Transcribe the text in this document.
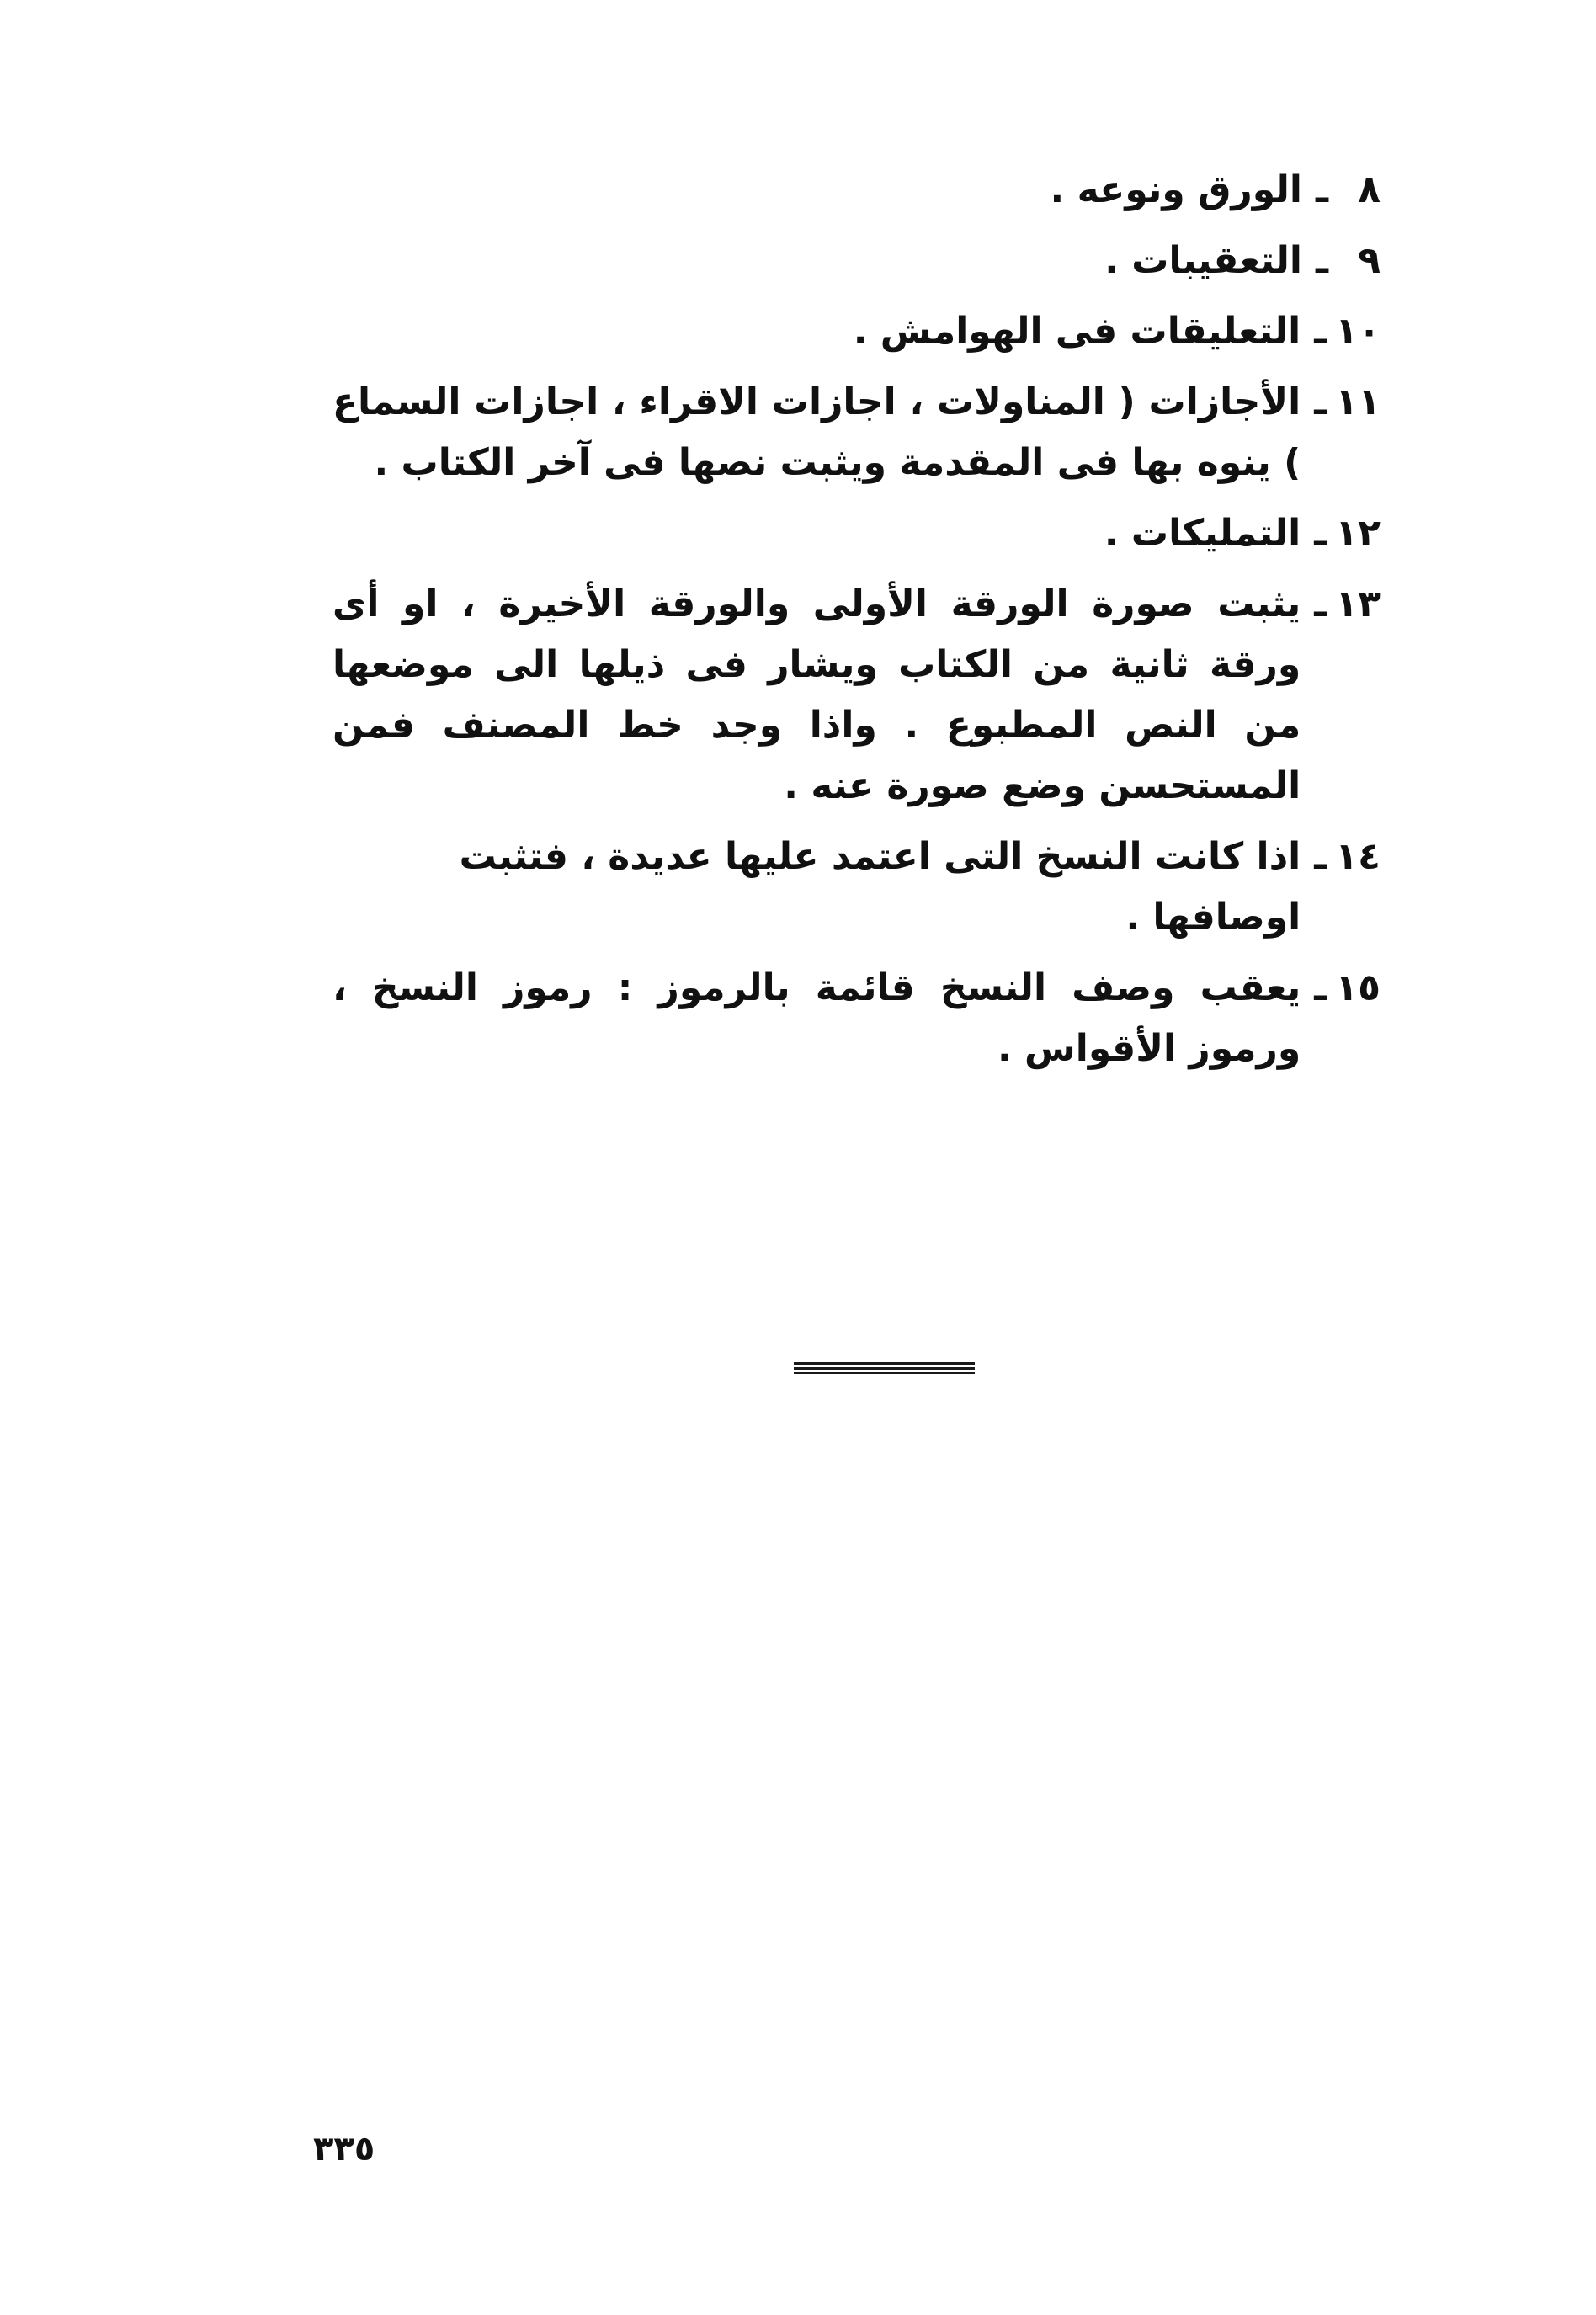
٨
ـ
الورق ونوعه .
٩
ـ
التعقيبات .
١٠
ـ
التعليقات فى الهوامش .
١١
ـ
الأجازات ( المناولات ، اجازات الاقراء ، اجازات السماع ) ينوه بها فى المقدمة ويثبت نصها فى آخر الكتاب .
١٢
ـ
التمليكات .
١٣
ـ
يثبت صورة الورقة الأولى والورقة الأخيرة ، او أى ورقة ثانية من الكتاب ويشار فى ذيلها الى موضعها من النص المطبوع . واذا وجد خط المصنف فمن المستحسن وضع صورة عنه .
١٤
ـ
اذا كانت النسخ التى اعتمد عليها عديدة ، فتثبت اوصافها .
١٥
ـ
يعقب وصف النسخ قائمة بالرموز : رموز النسخ ، ورموز الأقواس .
٣٣٥
